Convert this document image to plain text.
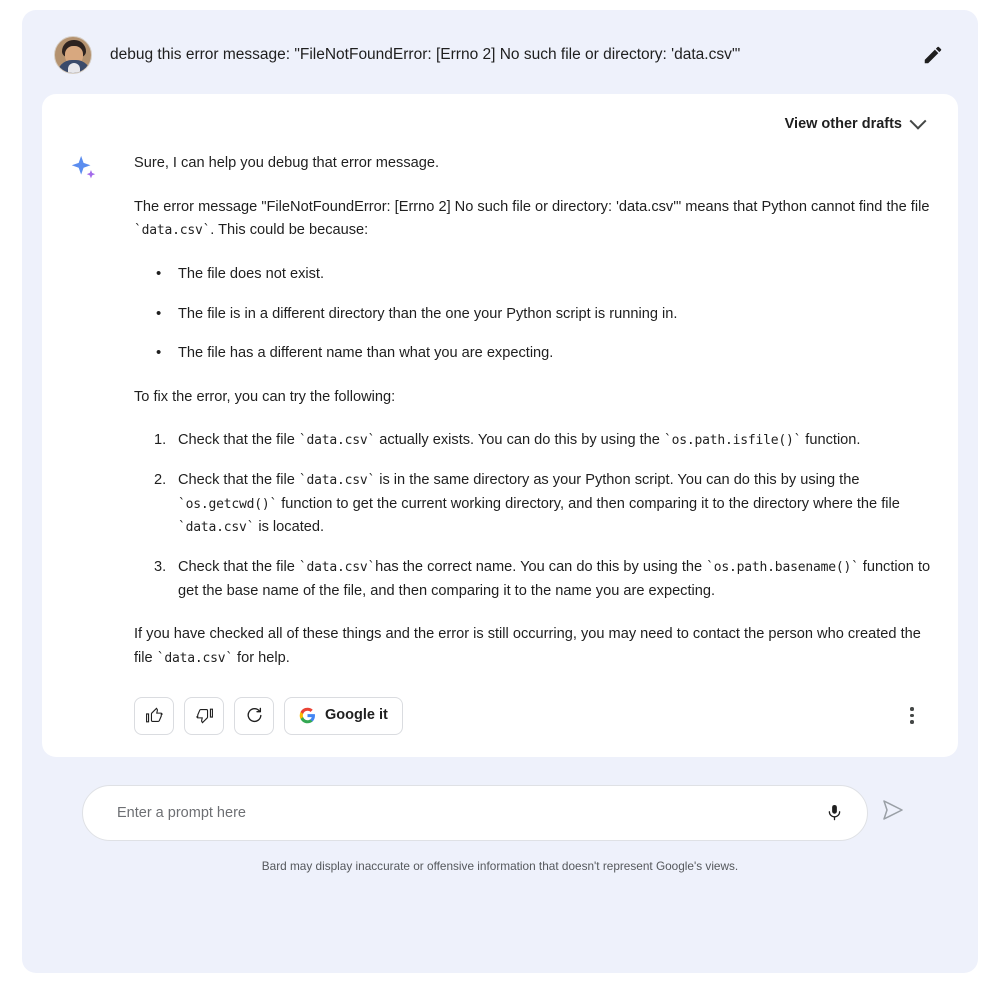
debug this error message: "FileNotFoundError: [Errno 2] No such file or directory: 'data.csv'"
View other drafts

Sure, I can help you debug that error message.

The error message "FileNotFoundError: [Errno 2] No such file or directory: 'data.csv'" means that Python cannot find the file `data.csv`. This could be because:

• The file does not exist.
• The file is in a different directory than the one your Python script is running in.
• The file has a different name than what you are expecting.

To fix the error, you can try the following:

Check that the file `data.csv` actually exists. You can do this by using the `os.path.isfile()` function.
Check that the file `data.csv` is in the same directory as your Python script. You can do this by using the `os.getcwd()` function to get the current working directory, and then comparing it to the directory where the file `data.csv` is located.
Check that the file `data.csv`has the correct name. You can do this by using the `os.path.basename()` function to get the base name of the file, and then comparing it to the name you are expecting.

If you have checked all of these things and the error is still occurring, you may need to contact the person who created the file `data.csv` for help.

Google it
Enter a prompt here
Bard may display inaccurate or offensive information that doesn't represent Google's views.
